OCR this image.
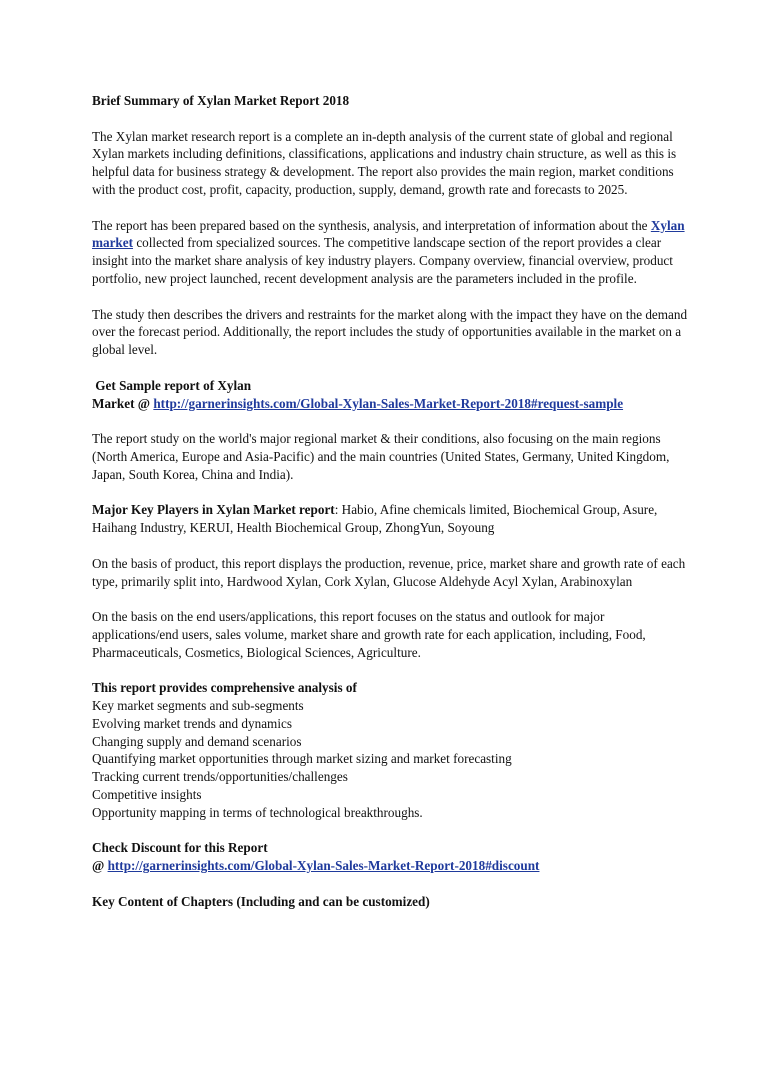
Brief Summary of Xylan Market Report 2018

The Xylan market research report is a complete an in-depth analysis of the current state of global and regional Xylan markets including definitions, classifications, applications and industry chain structure, as well as this is helpful data for business strategy & development. The report also provides the main region, market conditions with the product cost, profit, capacity, production, supply, demand, growth rate and forecasts to 2025.

The report has been prepared based on the synthesis, analysis, and interpretation of information about the Xylan market collected from specialized sources. The competitive landscape section of the report provides a clear insight into the market share analysis of key industry players. Company overview, financial overview, product portfolio, new project launched, recent development analysis are the parameters included in the profile.

The study then describes the drivers and restraints for the market along with the impact they have on the demand over the forecast period. Additionally, the report includes the study of opportunities available in the market on a global level.

Get Sample report of Xylan
Market @ http://garnerinsights.com/Global-Xylan-Sales-Market-Report-2018#request-sample

The report study on the world's major regional market & their conditions, also focusing on the main regions (North America, Europe and Asia-Pacific) and the main countries (United States, Germany, United Kingdom, Japan, South Korea, China and India).

Major Key Players in Xylan Market report: Habio, Afine chemicals limited, Biochemical Group, Asure, Haihang Industry, KERUI, Health Biochemical Group, ZhongYun, Soyoung

On the basis of product, this report displays the production, revenue, price, market share and growth rate of each type, primarily split into, Hardwood Xylan, Cork Xylan, Glucose Aldehyde Acyl Xylan, Arabinoxylan

On the basis on the end users/applications, this report focuses on the status and outlook for major applications/end users, sales volume, market share and growth rate for each application, including, Food, Pharmaceuticals, Cosmetics, Biological Sciences, Agriculture.

This report provides comprehensive analysis of
Key market segments and sub-segments
Evolving market trends and dynamics
Changing supply and demand scenarios
Quantifying market opportunities through market sizing and market forecasting
Tracking current trends/opportunities/challenges
Competitive insights
Opportunity mapping in terms of technological breakthroughs.

Check Discount for this Report
@ http://garnerinsights.com/Global-Xylan-Sales-Market-Report-2018#discount

Key Content of Chapters (Including and can be customized)
